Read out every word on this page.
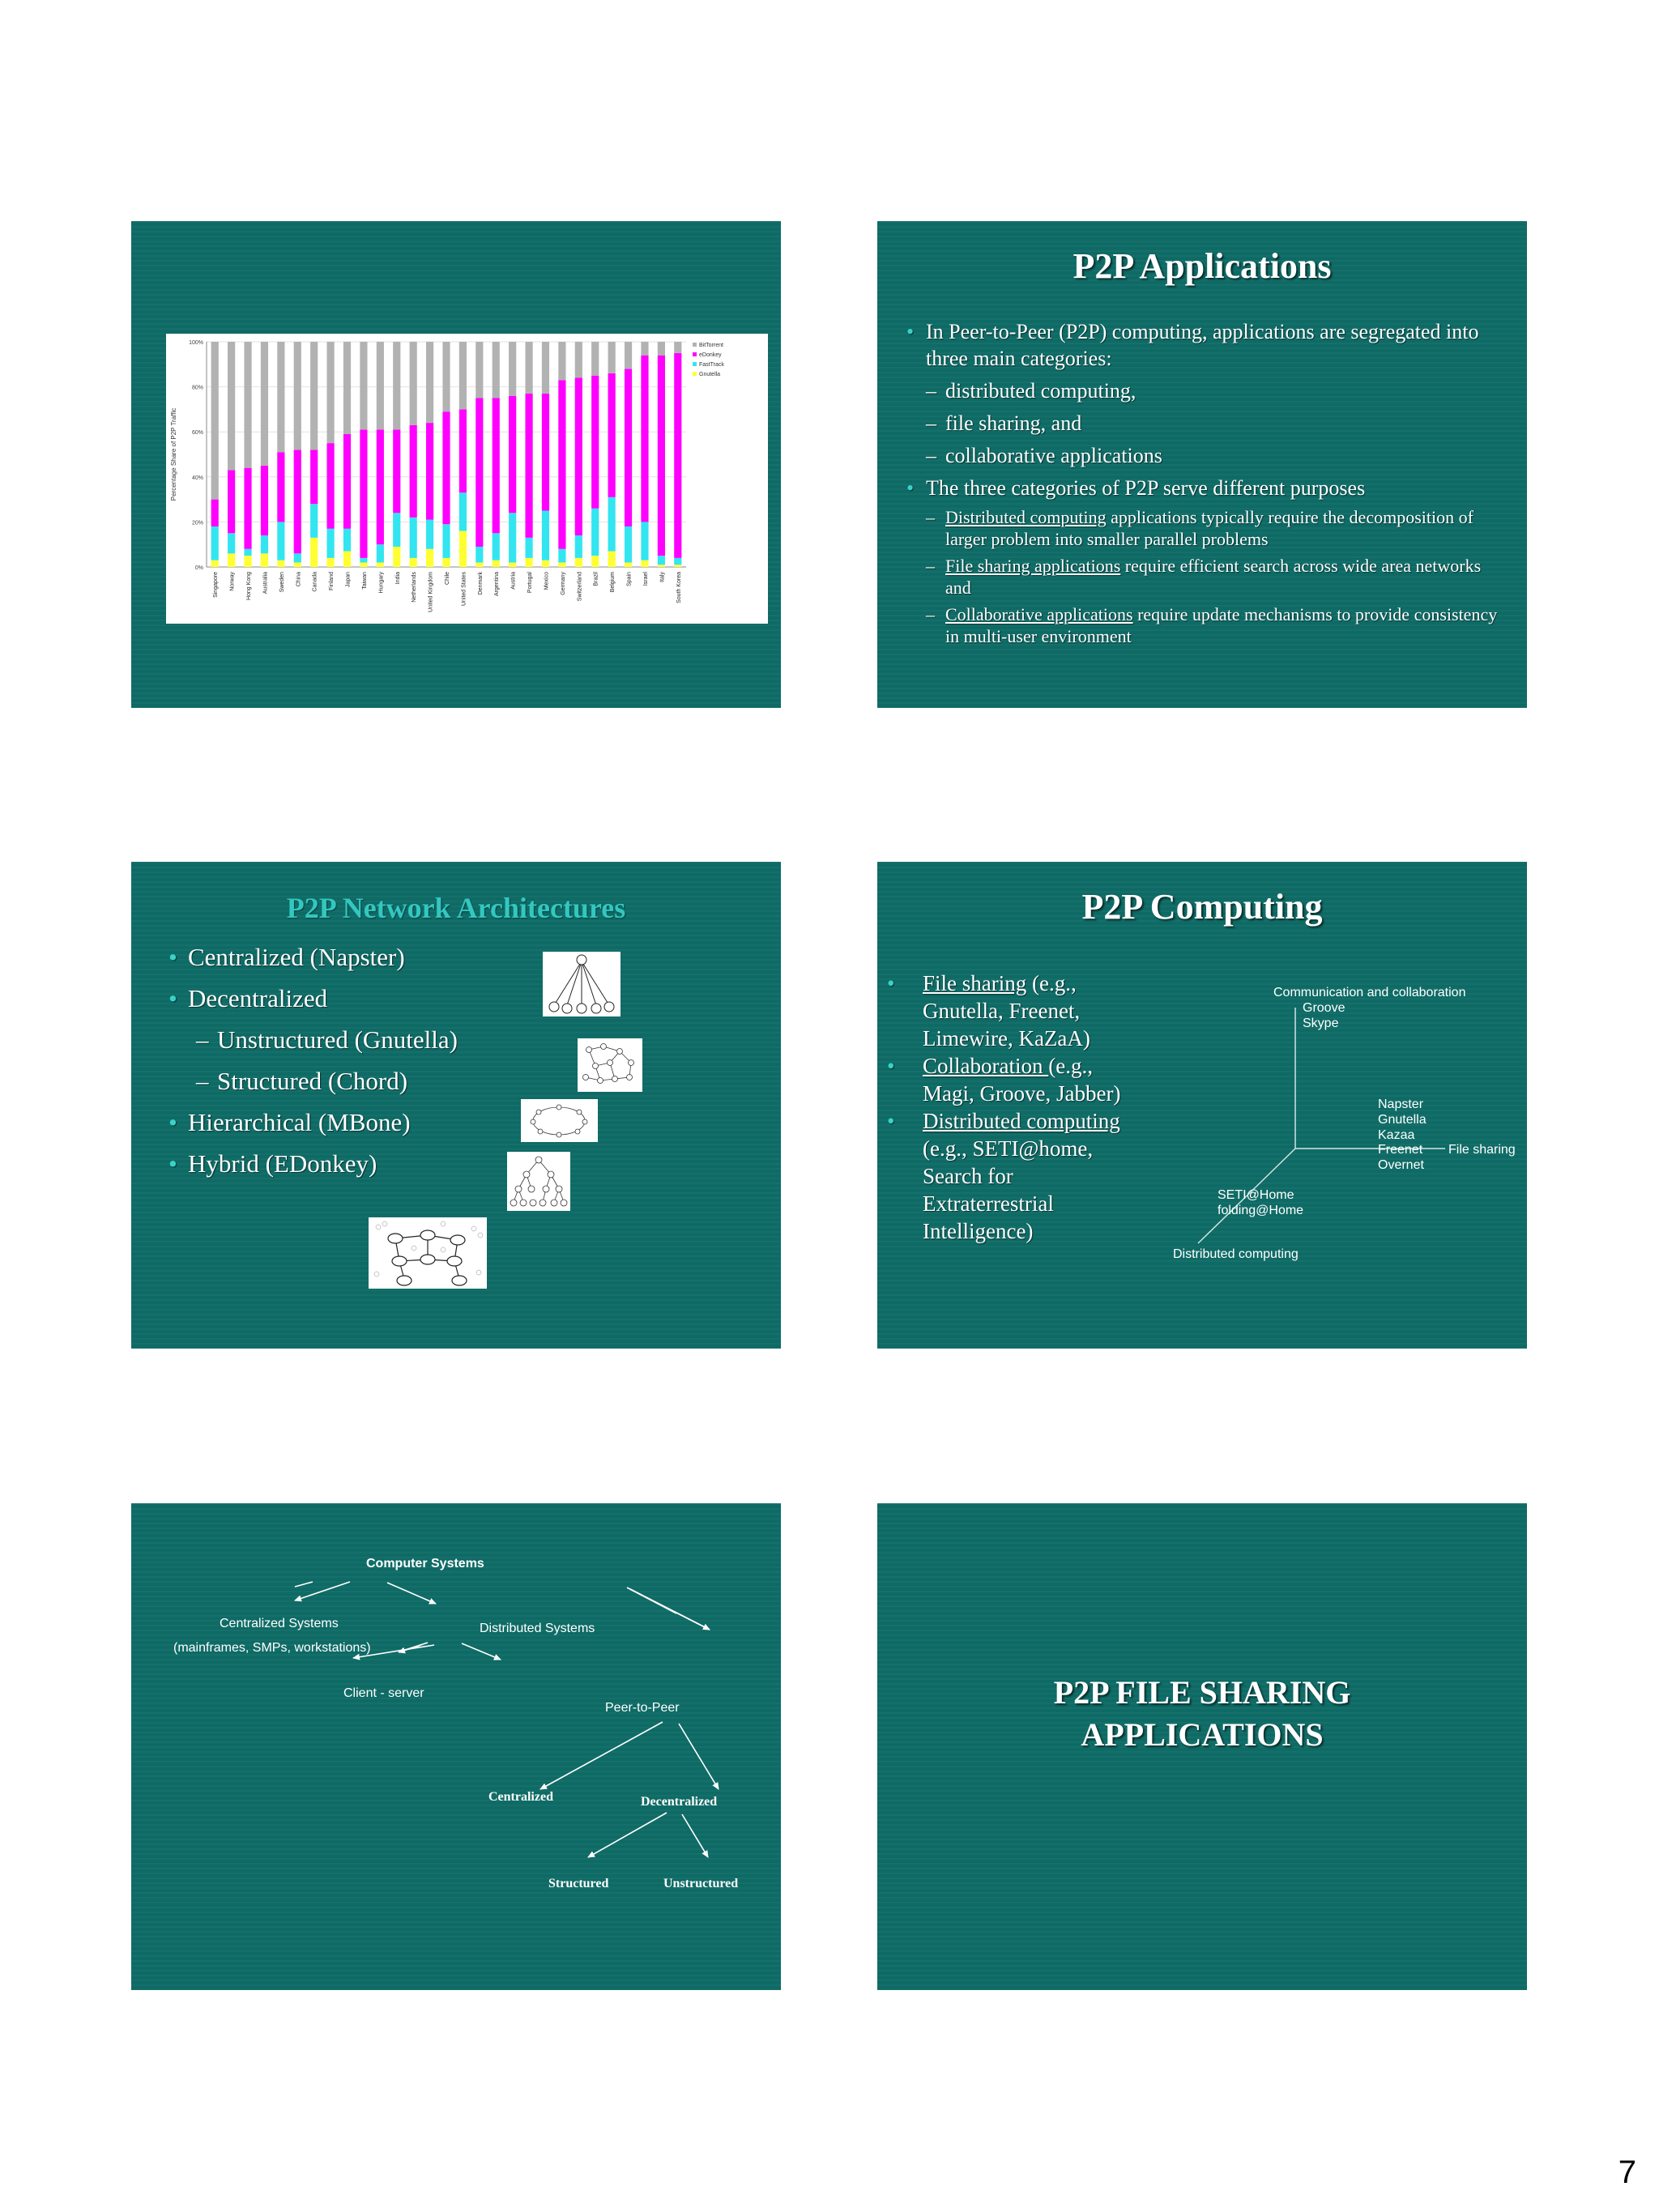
0%
20%
40%
60%
80%
100%
Percentage Share of P2P Traffic
Singapore Norway Hong Kong Australia Sweden China Canada Finland Japan Taiwan Hungary India Netherlands United Kingdom Chile United States Denmark Argentina Austria Portugal Mexico Germany Switzerland Brazil Belgium Spain Israel Italy South Korea
BitTorrent
eDonkey
FastTrack
Gnutella
P2P Applications
• In Peer-to-Peer (P2P) computing, applications are segregated into three main categories:
– distributed computing,
– file sharing, and
– collaborative applications
• The three categories of P2P serve different purposes
– Distributed computing applications typically require the decomposition of larger problem into smaller parallel problems
– File sharing applications require efficient search across wide area networks and
– Collaborative applications require update mechanisms to provide consistency in multi-user environment
P2P Network Architectures
• Centralized (Napster)
• Decentralized
– Unstructured (Gnutella)
– Structured (Chord)
• Hierarchical (MBone)
• Hybrid (EDonkey)
P2P Computing
• File sharing (e.g.,
Gnutella, Freenet,
Limewire, KaZaA)
• Collaboration (e.g.,
Magi, Groove, Jabber)
• Distributed computing
(e.g., SETI@home,
Search for
Extraterrestrial
Intelligence)
Communication and collaboration
Groove
Skype
Napster
Gnutella
Kazaa
Freenet
Overnet
File sharing
SETI@Home
folding@Home
Distributed computing
Computer Systems
Centralized Systems
(mainframes, SMPs, workstations)
Distributed Systems
Client - server
Peer-to-Peer
Centralized	Decentralized
Structured	Unstructured
P2P FILE SHARING
APPLICATIONS
7
